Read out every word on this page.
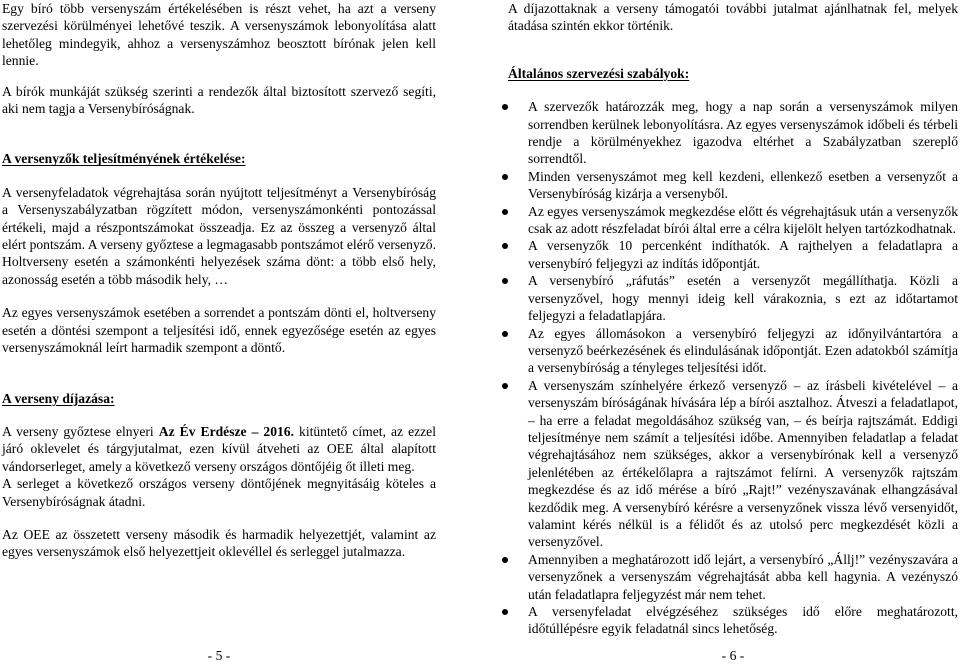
Egy bíró több versenyszám értékelésében is részt vehet, ha azt a verseny szervezési körülményei lehetővé teszik. A versenyszámok lebonyolítása alatt lehetőleg mindegyik, ahhoz a versenyszámhoz beosztott bírónak jelen kell lennie.

A bírók munkáját szükség szerinti a rendezők által biztosított szervező segíti, aki nem tagja a Versenybíróságnak.

A versenyzők teljesítményének értékelése:

A versenyfeladatok végrehajtása során nyújtott teljesítményt a Versenybíróság a Versenyszabályzatban rögzített módon, versenyszámonkénti pontozással értékeli, majd a részpontszámokat összeadja. Ez az összeg a versenyző által elért pontszám. A verseny győztese a legmagasabb pontszámot elérő versenyző. Holtverseny esetén a számonkénti helyezések száma dönt: a több első hely, azonosság esetén a több második hely, …

Az egyes versenyszámok esetében a sorrendet a pontszám dönti el, holtverseny esetén a döntési szempont a teljesítési idő, ennek egyezősége esetén az egyes versenyszámoknál leírt harmadik szempont a döntő.

A verseny díjazása:

A verseny győztese elnyeri Az Év Erdésze – 2016. kitüntető címet, az ezzel járó oklevelet és tárgyjutalmat, ezen kívül átveheti az OEE által alapított vándorserleget, amely a következő verseny országos döntőjéig őt illeti meg.

A serleget a következő országos verseny döntőjének megnyitásáig köteles a Versenybíróságnak átadni.

Az OEE az összetett verseny második és harmadik helyezettjét, valamint az egyes versenyszámok első helyezettjeit oklevéllel és serleggel jutalmazza.

- 5 -

A díjazottaknak a verseny támogatói további jutalmat ajánlhatnak fel, melyek átadása szintén ekkor történik.

Általános szervezési szabályok:

A szervezők határozzák meg, hogy a nap során a versenyszámok milyen sorrendben kerülnek lebonyolításra. Az egyes versenyszámok időbeli és térbeli rendje a körülményekhez igazodva eltérhet a Szabályzatban szereplő sorrendtől.

Minden versenyszámot meg kell kezdeni, ellenkező esetben a versenyzőt a Versenybíróság kizárja a versenyből.

Az egyes versenyszámok megkezdése előtt és végrehajtásuk után a versenyzők csak az adott részfeladat bírói által erre a célra kijelölt helyen tartózkodhatnak.

A versenyzők 10 percenként indíthatók. A rajthelyen a feladatlapra a versenybíró feljegyzi az indítás időpontját.

A versenybíró „ráfutás” esetén a versenyzőt megállíthatja. Közli a versenyzővel, hogy mennyi ideig kell várakoznia, s ezt az időtartamot feljegyzi a feladatlapjára.

Az egyes állomásokon a versenybíró feljegyzi az időnyilvántartóra a versenyző beérkezésének és elindulásának időpontját. Ezen adatokból számítja a versenybíróság a tényleges teljesítési időt.

A versenyszám színhelyére érkező versenyző – az írásbeli kivételével – a versenyszám bíróságának hívására lép a bírói asztalhoz. Átveszi a feladatlapot, – ha erre a feladat megoldásához szükség van, – és beírja rajtszámát. Eddigi teljesítménye nem számít a teljesítési időbe. Amennyiben feladatlap a feladat végrehajtásához nem szükséges, akkor a versenybírónak kell a versenyző jelenlétében az értékelőlapra a rajtszámot felírni. A versenyzők rajtszám megkezdése és az idő mérése a bíró „Rajt!” vezényszavának elhangzásával kezdődik meg. A versenybíró kérésre a versenyzőnek vissza lévő versenyidőt, valamint kérés nélkül is a félidőt és az utolsó perc megkezdését közli a versenyzővel.

Amennyiben a meghatározott idő lejárt, a versenybíró „Állj!” vezényszavára a versenyzőnek a versenyszám végrehajtását abba kell hagynia. A vezényszó után feladatlapra feljegyzést már nem tehet.

A versenyfeladat elvégzéséhez szükséges idő előre meghatározott, időtúllépésre egyik feladatnál sincs lehetőség.

- 6 -
